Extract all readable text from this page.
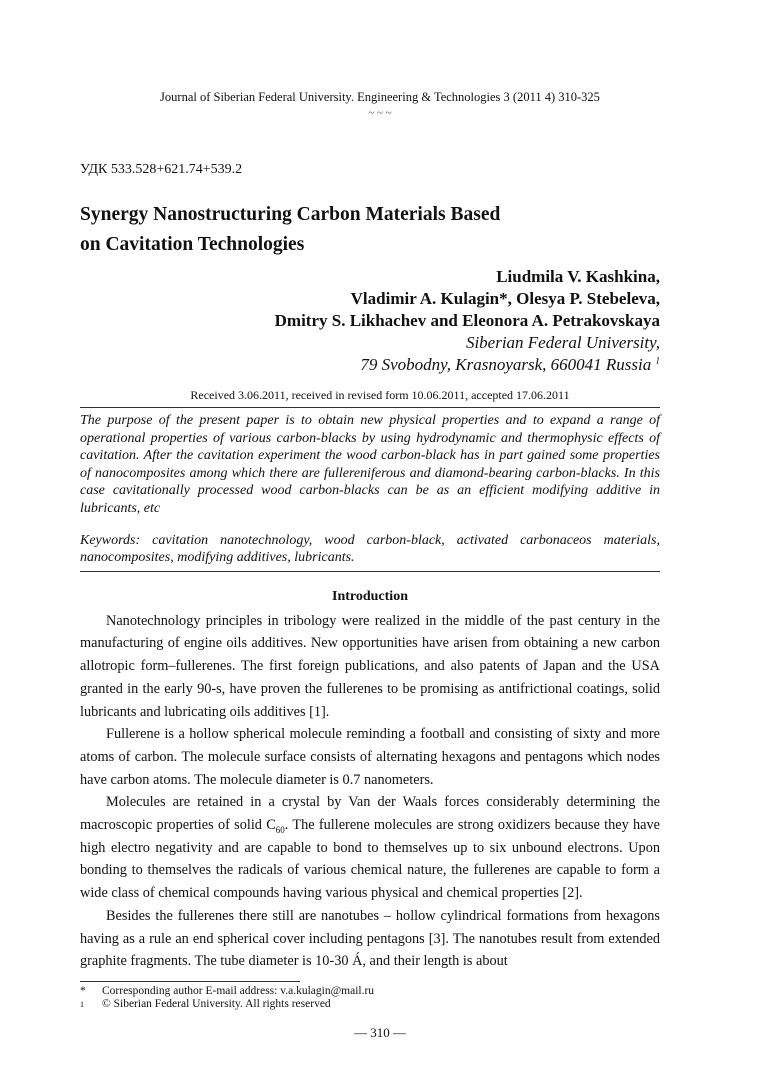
Journal of Siberian Federal University. Engineering & Technologies 3 (2011 4) 310-325
~ ~ ~
УДК 533.528+621.74+539.2
Synergy Nanostructuring Carbon Materials Based
on Cavitation Technologies
Liudmila V. Kashkina,
Vladimir A. Kulagin*, Olesya P. Stebeleva,
Dmitry S. Likhachev and Eleonora A. Petrakovskaya
Siberian Federal University,
79 Svobodny, Krasnoyarsk, 660041 Russia $^1$
Received 3.06.2011, received in revised form 10.06.2011, accepted 17.06.2011
The purpose of the present paper is to obtain new physical properties and to expand a range of operational properties of various carbon-blacks by using hydrodynamic and thermophysic effects of cavitation. After the cavitation experiment the wood carbon-black has in part gained some properties of nanocomposites among which there are fullereniferous and diamond-bearing carbon-blacks. In this case cavitationally processed wood carbon-blacks can be as an efficient modifying additive in lubricants, etc
Keywords: cavitation nanotechnology, wood carbon-black, activated carbonaceos materials, nanocomposites, modifying additives, lubricants.
Introduction

Nanotechnology principles in tribology were realized in the middle of the past century in the manufacturing of engine oils additives. New opportunities have arisen from obtaining a new carbon allotropic form–fullerenes. The first foreign publications, and also patents of Japan and the USA granted in the early 90-s, have proven the fullerenes to be promising as antifrictional coatings, solid lubricants and lubricating oils additives [1].

Fullerene is a hollow spherical molecule reminding a football and consisting of sixty and more atoms of carbon. The molecule surface consists of alternating hexagons and pentagons which nodes have carbon atoms. The molecule diameter is 0.7 nanometers.

Molecules are retained in a crystal by Van der Waals forces considerably determining the macroscopic properties of solid $C_{60}$. The fullerene molecules are strong oxidizers because they have high electro negativity and are capable to bond to themselves up to six unbound electrons. Upon bonding to themselves the radicals of various chemical nature, the fullerenes are capable to form a wide class of chemical compounds having various physical and chemical properties [2].

Besides the fullerenes there still are nanotubes – hollow cylindrical formations from hexagons having as a rule an end spherical cover including pentagons [3]. The nanotubes result from extended graphite fragments. The tube diameter is 10-30 Á, and their length is about

* Corresponding author E-mail address: v.a.kulagin@mail.ru
1 © Siberian Federal University. All rights reserved
— 310 —
